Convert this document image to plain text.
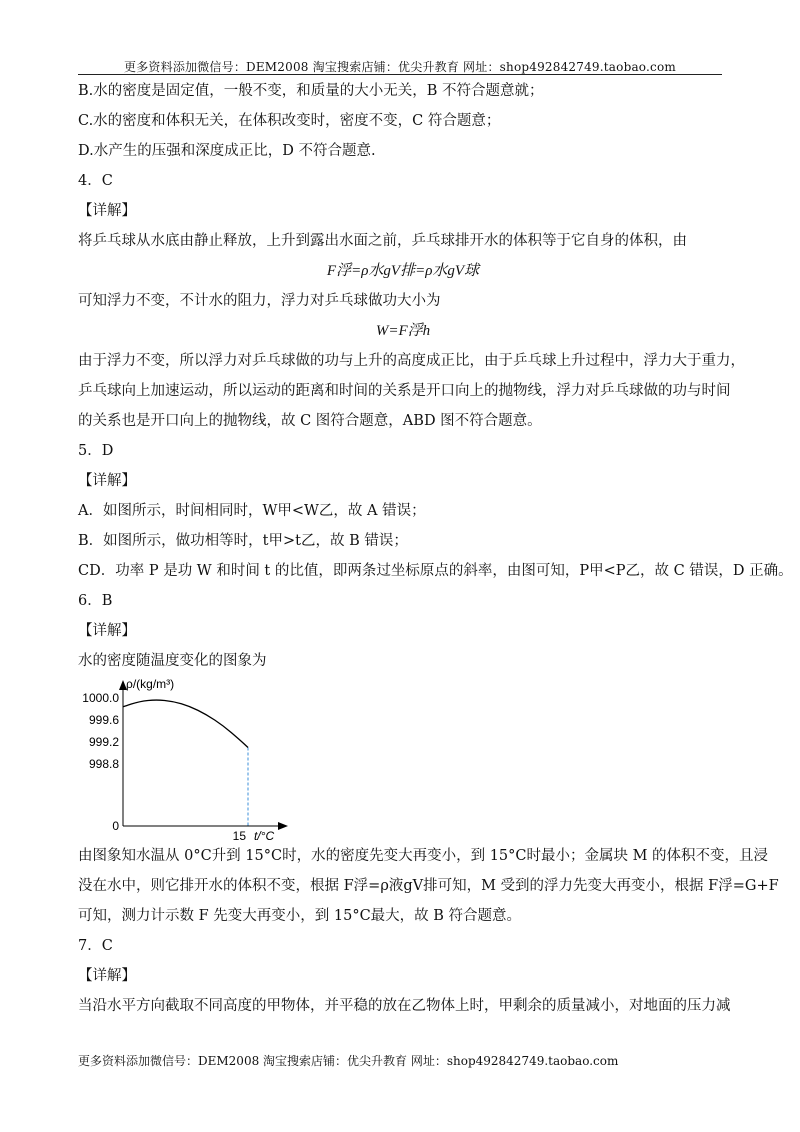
更多资料添加微信号：DEM2008 淘宝搜索店铺：优尖升教育 网址：shop492842749.taobao.com
B.水的密度是固定值，一般不变，和质量的大小无关，B 不符合题意就；
C.水的密度和体积无关，在体积改变时，密度不变，C 符合题意；
D.水产生的压强和深度成正比，D 不符合题意.
4．C
【详解】
将乒乓球从水底由静止释放，上升到露出水面之前，乒乓球排开水的体积等于它自身的体积，由
F浮=ρ水gV排=ρ水gV球
可知浮力不变，不计水的阻力，浮力对乒乓球做功大小为
W=F浮h
由于浮力不变，所以浮力对乒乓球做的功与上升的高度成正比，由于乒乓球上升过程中，浮力大于重力，
乒乓球向上加速运动，所以运动的距离和时间的关系是开口向上的抛物线，浮力对乒乓球做的功与时间
的关系也是开口向上的抛物线，故 C 图符合题意，ABD 图不符合题意。
5．D
【详解】
A．如图所示，时间相同时，W甲<W乙，故 A 错误；
B．如图所示，做功相等时，t甲>t乙，故 B 错误；
CD．功率 P 是功 W 和时间 t 的比值，即两条过坐标原点的斜率，由图可知，P甲<P乙，故 C 错误，D 正确。
6．B
【详解】
水的密度随温度变化的图象为
ρ/(kg/m³)
1000.0
999.6
999.2
998.8
0
15 t/°C
由图象知水温从 0°C升到 15°C时，水的密度先变大再变小，到 15°C时最小；金属块 M 的体积不变，且浸
没在水中，则它排开水的体积不变，根据 F浮=ρ液gV排可知，M 受到的浮力先变大再变小，根据 F浮=G+F
可知，测力计示数 F 先变大再变小，到 15°C最大，故 B 符合题意。
7．C
【详解】
当沿水平方向截取不同高度的甲物体，并平稳的放在乙物体上时，甲剩余的质量减小，对地面的压力减
更多资料添加微信号：DEM2008 淘宝搜索店铺：优尖升教育 网址：shop492842749.taobao.com
